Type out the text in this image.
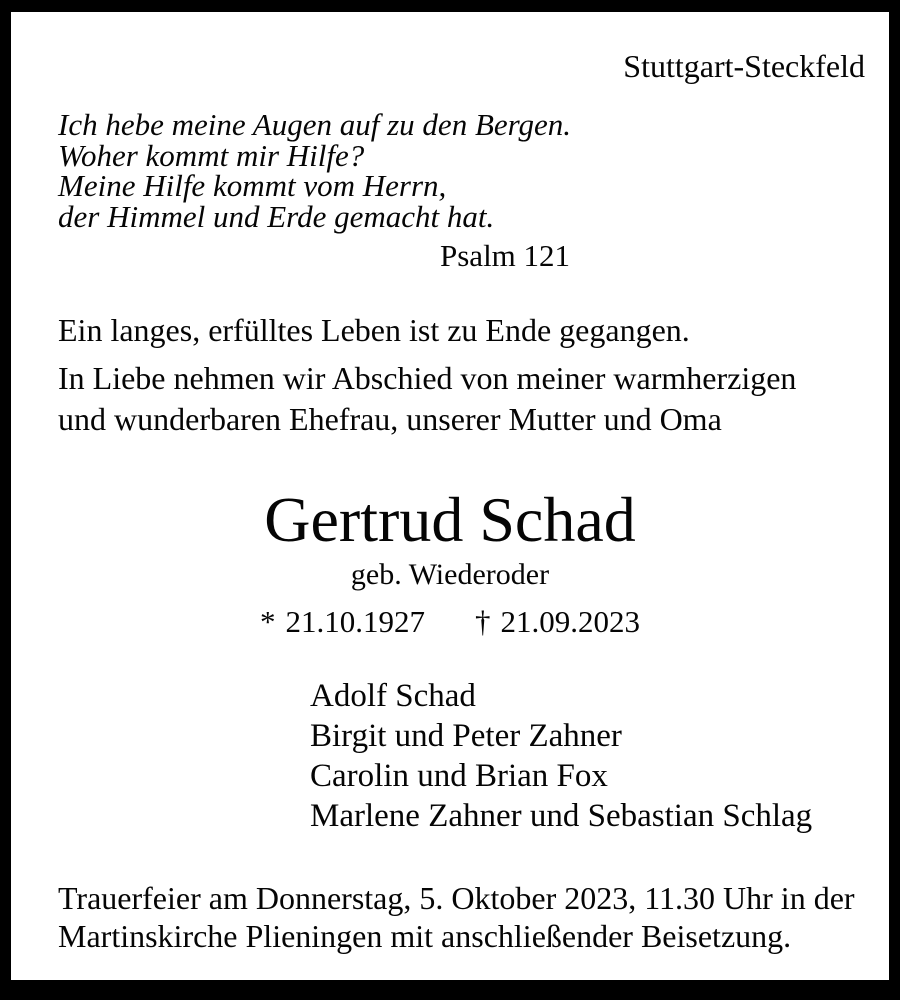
Stuttgart-Steckfeld
Ich hebe meine Augen auf zu den Bergen.
Woher kommt mir Hilfe?
Meine Hilfe kommt vom Herrn,
der Himmel und Erde gemacht hat.
Psalm 121
Ein langes, erfülltes Leben ist zu Ende gegangen.
In Liebe nehmen wir Abschied von meiner warmherzigen
und wunderbaren Ehefrau, unserer Mutter und Oma
Gertrud Schad
geb. Wiederoder
* 21.10.1927 † 21.09.2023
Adolf Schad
Birgit und Peter Zahner
Carolin und Brian Fox
Marlene Zahner und Sebastian Schlag
Trauerfeier am Donnerstag, 5. Oktober 2023, 11.30 Uhr in der
Martinskirche Plieningen mit anschließender Beisetzung.
